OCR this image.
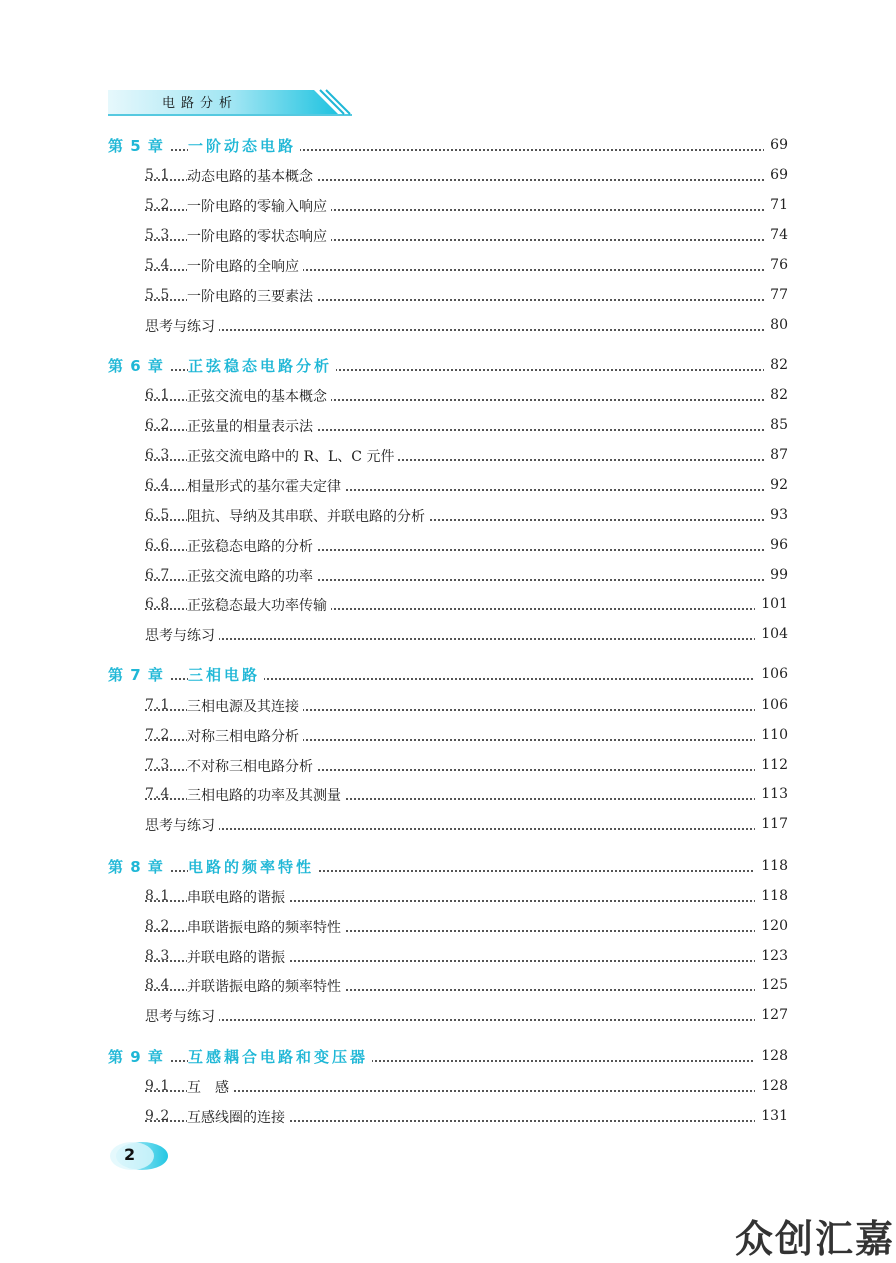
电路分析
第 5 章	一阶动态电路	69
5.1	动态电路的基本概念	69
5.2	一阶电路的零输入响应	71
5.3	一阶电路的零状态响应	74
5.4	一阶电路的全响应	76
5.5	一阶电路的三要素法	77
思考与练习	80
第 6 章	正弦稳态电路分析	82
6.1	正弦交流电的基本概念	82
6.2	正弦量的相量表示法	85
6.3	正弦交流电路中的 R、L、C 元件	87
6.4	相量形式的基尔霍夫定律	92
6.5	阻抗、导纳及其串联、并联电路的分析	93
6.6	正弦稳态电路的分析	96
6.7	正弦交流电路的功率	99
6.8	正弦稳态最大功率传输	101
思考与练习	104
第 7 章	三相电路	106
7.1	三相电源及其连接	106
7.2	对称三相电路分析	110
7.3	不对称三相电路分析	112
7.4	三相电路的功率及其测量	113
思考与练习	117
第 8 章	电路的频率特性	118
8.1	串联电路的谐振	118
8.2	串联谐振电路的频率特性	120
8.3	并联电路的谐振	123
8.4	并联谐振电路的频率特性	125
思考与练习	127
第 9 章	互感耦合电路和变压器	128
9.1	互　感	128
9.2	互感线圈的连接	131
2
众创汇嘉
